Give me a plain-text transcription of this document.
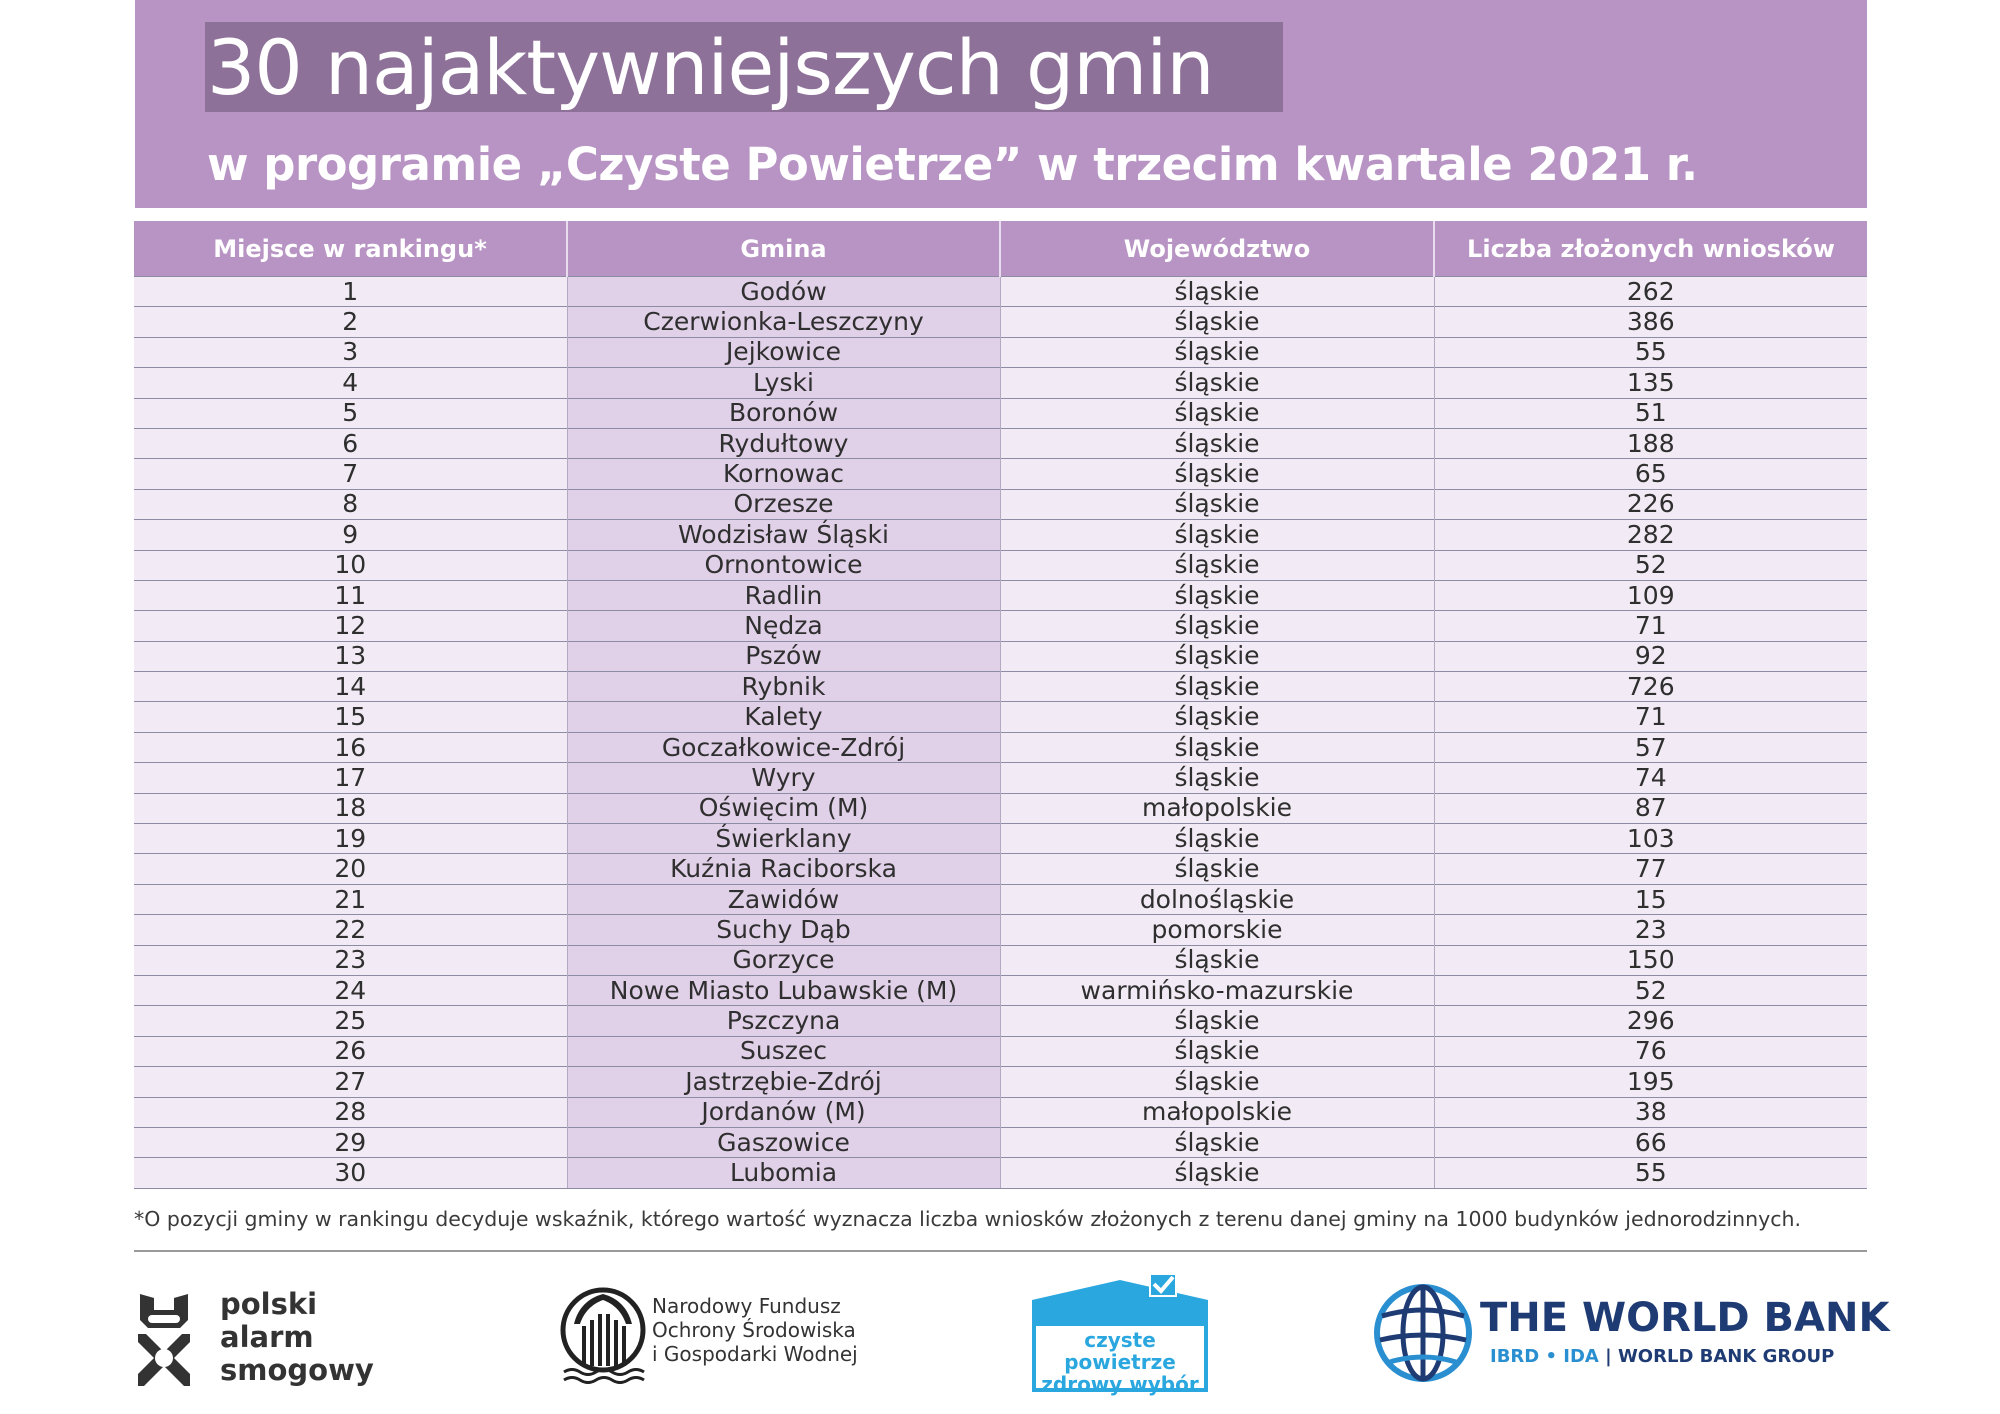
30 najaktywniejszych gmin
w programie „Czyste Powietrze” w trzecim kwartale 2021 r.
Miejsce w rankingu*	Gmina	Województwo	Liczba złożonych wniosków
1	Godów	śląskie	262
2	Czerwionka-Leszczyny	śląskie	386
3	Jejkowice	śląskie	55
4	Lyski	śląskie	135
5	Boronów	śląskie	51
6	Rydułtowy	śląskie	188
7	Kornowac	śląskie	65
8	Orzesze	śląskie	226
9	Wodzisław Śląski	śląskie	282
10	Ornontowice	śląskie	52
11	Radlin	śląskie	109
12	Nędza	śląskie	71
13	Pszów	śląskie	92
14	Rybnik	śląskie	726
15	Kalety	śląskie	71
16	Goczałkowice-Zdrój	śląskie	57
17	Wyry	śląskie	74
18	Oświęcim (M)	małopolskie	87
19	Świerklany	śląskie	103
20	Kuźnia Raciborska	śląskie	77
21	Zawidów	dolnośląskie	15
22	Suchy Dąb	pomorskie	23
23	Gorzyce	śląskie	150
24	Nowe Miasto Lubawskie (M)	warmińsko-mazurskie	52
25	Pszczyna	śląskie	296
26	Suszec	śląskie	76
27	Jastrzębie-Zdrój	śląskie	195
28	Jordanów (M)	małopolskie	38
29	Gaszowice	śląskie	66
30	Lubomia	śląskie	55
*O pozycji gminy w rankingu decyduje wskaźnik, którego wartość wyznacza liczba wniosków złożonych z terenu danej gminy na 1000 budynków jednorodzinnych.
polski
alarm
smogowy
Narodowy Fundusz
Ochrony Środowiska
i Gospodarki Wodnej
czyste powietrze
zdrowy wybór
THE WORLD BANK
IBRD • IDA | WORLD BANK GROUP
